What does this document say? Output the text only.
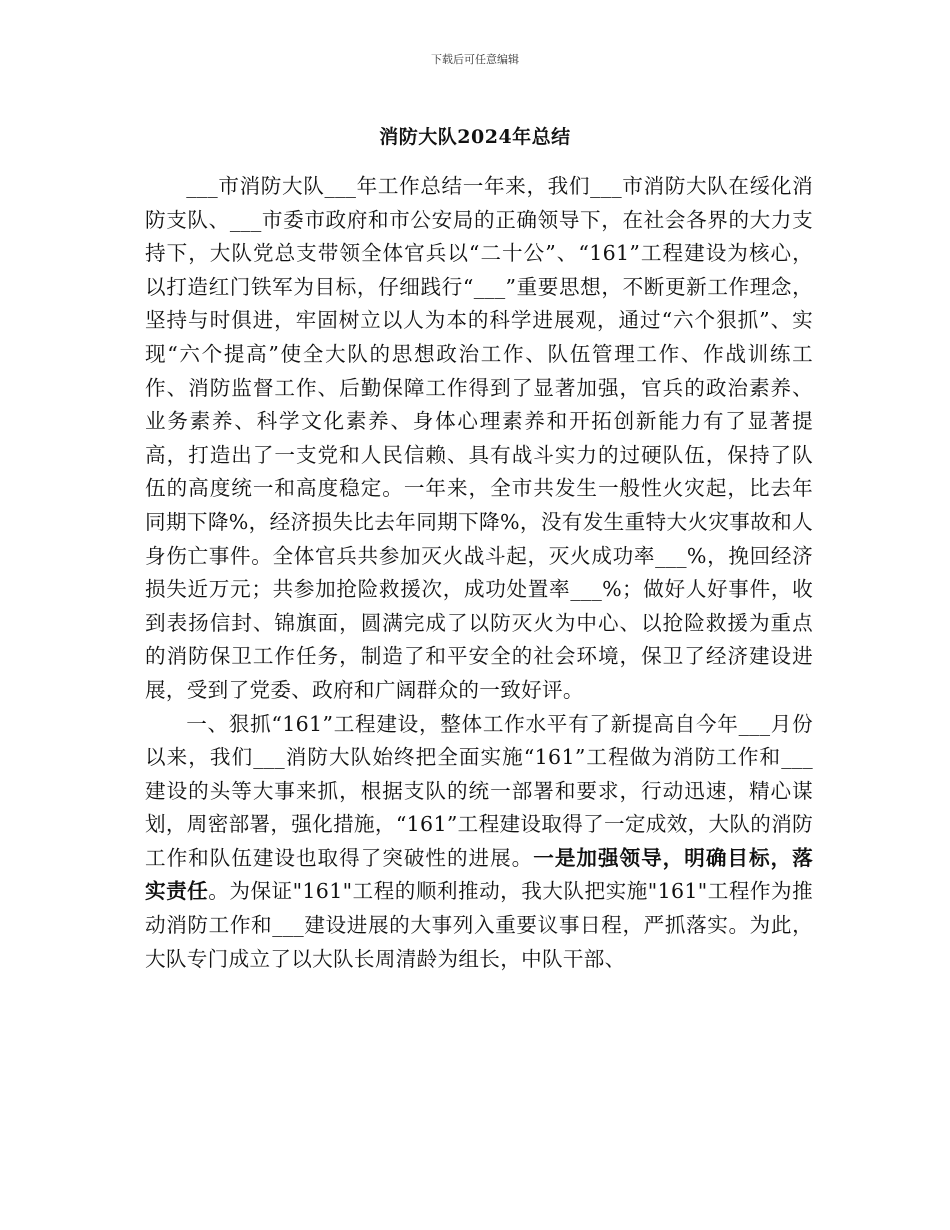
下载后可任意编辑
消防大队2024年总结

___市消防大队___年工作总结一年来，我们___市消防大队在绥化消防支队、___市委市政府和市公安局的正确领导下，在社会各界的大力支持下，大队党总支带领全体官兵以“二十公”、“161”工程建设为核心，以打造红门铁军为目标，仔细践行“___”重要思想，不断更新工作理念，坚持与时俱进，牢固树立以人为本的科学进展观，通过“六个狠抓”、实现“六个提高”使全大队的思想政治工作、队伍管理工作、作战训练工作、消防监督工作、后勤保障工作得到了显著加强，官兵的政治素养、业务素养、科学文化素养、身体心理素养和开拓创新能力有了显著提高，打造出了一支党和人民信赖、具有战斗实力的过硬队伍，保持了队伍的高度统一和高度稳定。一年来，全市共发生一般性火灾起，比去年同期下降%，经济损失比去年同期下降%，没有发生重特大火灾事故和人身伤亡事件。全体官兵共参加灭火战斗起，灭火成功率___%，挽回经济损失近万元；共参加抢险救援次，成功处置率___%；做好人好事件，收到表扬信封、锦旗面，圆满完成了以防灭火为中心、以抢险救援为重点的消防保卫工作任务，制造了和平安全的社会环境，保卫了经济建设进展，受到了党委、政府和广阔群众的一致好评。

一、狠抓“161”工程建设，整体工作水平有了新提高自今年___月份以来，我们___消防大队始终把全面实施“161”工程做为消防工作和___建设的头等大事来抓，根据支队的统一部署和要求，行动迅速，精心谋划，周密部署，强化措施，“161”工程建设取得了一定成效，大队的消防工作和队伍建设也取得了突破性的进展。一是加强领导，明确目标，落实责任。为保证"161"工程的顺利推动，我大队把实施"161"工程作为推动消防工作和___建设进展的大事列入重要议事日程，严抓落实。为此，大队专门成立了以大队长周清龄为组长，中队干部、
